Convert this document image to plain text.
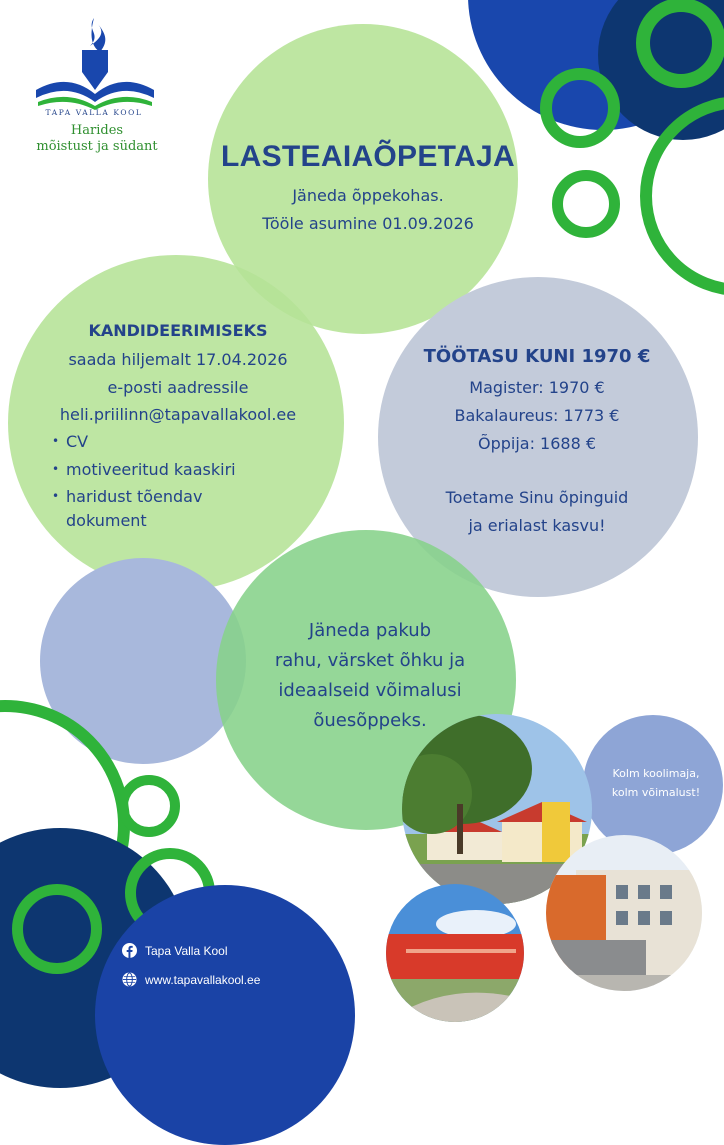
TAPA VALLA KOOL
Harides
mõistust ja südant	LASTEAIAÕPETAJA
Jäneda õppekohas.
Tööle asumine 01.09.2026
KANDIDEERIMISEKS
saada hiljemalt 17.04.2026
e-posti aadressile
heli.priilinn@tapavallakool.ee
• CV
• motiveeritud kaaskiri
• haridust tõendav
dokument
TÖÖTASU KUNI 1970 €
Magister: 1970 €
Bakalaureus: 1773 €
Õppija: 1688 €
Toetame Sinu õpinguid
ja erialast kasvu!
Jäneda pakub
rahu, värsket õhku ja
ideaalseid võimalusi
õuesõppeks.
Kolm koolimaja,
kolm võimalust!
Tapa Valla Kool
www.tapavallakool.ee
